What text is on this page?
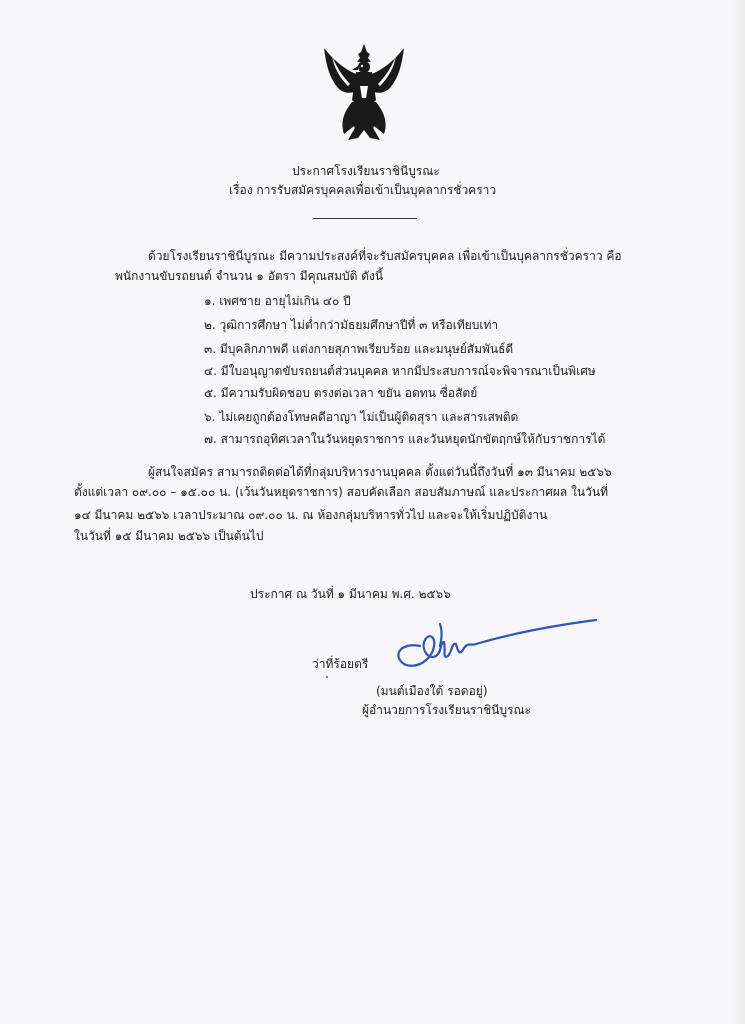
ประกาศโรงเรียนราชินีบูรณะ
เรื่อง การรับสมัครบุคคลเพื่อเข้าเป็นบุคลากรชั่วคราว
ด้วยโรงเรียนราชินีบูรณะ มีความประสงค์ที่จะรับสมัครบุคคล เพื่อเข้าเป็นบุคลากรชั่วคราว คือ
พนักงานขับรถยนต์ จำนวน ๑ อัตรา มีคุณสมบัติ ดังนี้
๑. เพศชาย อายุไม่เกิน ๔๐ ปี
๒. วุฒิการศึกษา ไม่ต่ำกว่ามัธยมศึกษาปีที่ ๓ หรือเทียบเท่า
๓. มีบุคลิกภาพดี แต่งกายสุภาพเรียบร้อย และมนุษย์สัมพันธ์ดี
๔. มีใบอนุญาตขับรถยนต์ส่วนบุคคล หากมีประสบการณ์จะพิจารณาเป็นพิเศษ
๕. มีความรับผิดชอบ ตรงต่อเวลา ขยัน อดทน ซื่อสัตย์
๖. ไม่เคยถูกต้องโทษคดีอาญา ไม่เป็นผู้ติดสุรา และสารเสพติด
๗. สามารถอุทิศเวลาในวันหยุดราชการ และวันหยุดนักขัตฤกษ์ให้กับราชการได้
ผู้สนใจสมัคร สามารถติดต่อได้ที่กลุ่มบริหารงานบุคคล ตั้งแต่วันนี้ถึงวันที่ ๑๓ มีนาคม ๒๕๖๖
ตั้งแต่เวลา ๐๙.๐๐ – ๑๕.๐๐ น. (เว้นวันหยุดราชการ) สอบคัดเลือก สอบสัมภาษณ์ และประกาศผล ในวันที่
๑๔ มีนาคม ๒๕๖๖ เวลาประมาณ ๐๙.๐๐ น. ณ ห้องกลุ่มบริหารทั่วไป และจะให้เริ่มปฏิบัติงาน
ในวันที่ ๑๕ มีนาคม ๒๕๖๖ เป็นต้นไป
ประกาศ ณ วันที่ ๑ มีนาคม พ.ศ. ๒๕๖๖
ว่าที่ร้อยตรี
(มนต์เมืองใต้ รอดอยู่)
ผู้อำนวยการโรงเรียนราชินีบูรณะ
